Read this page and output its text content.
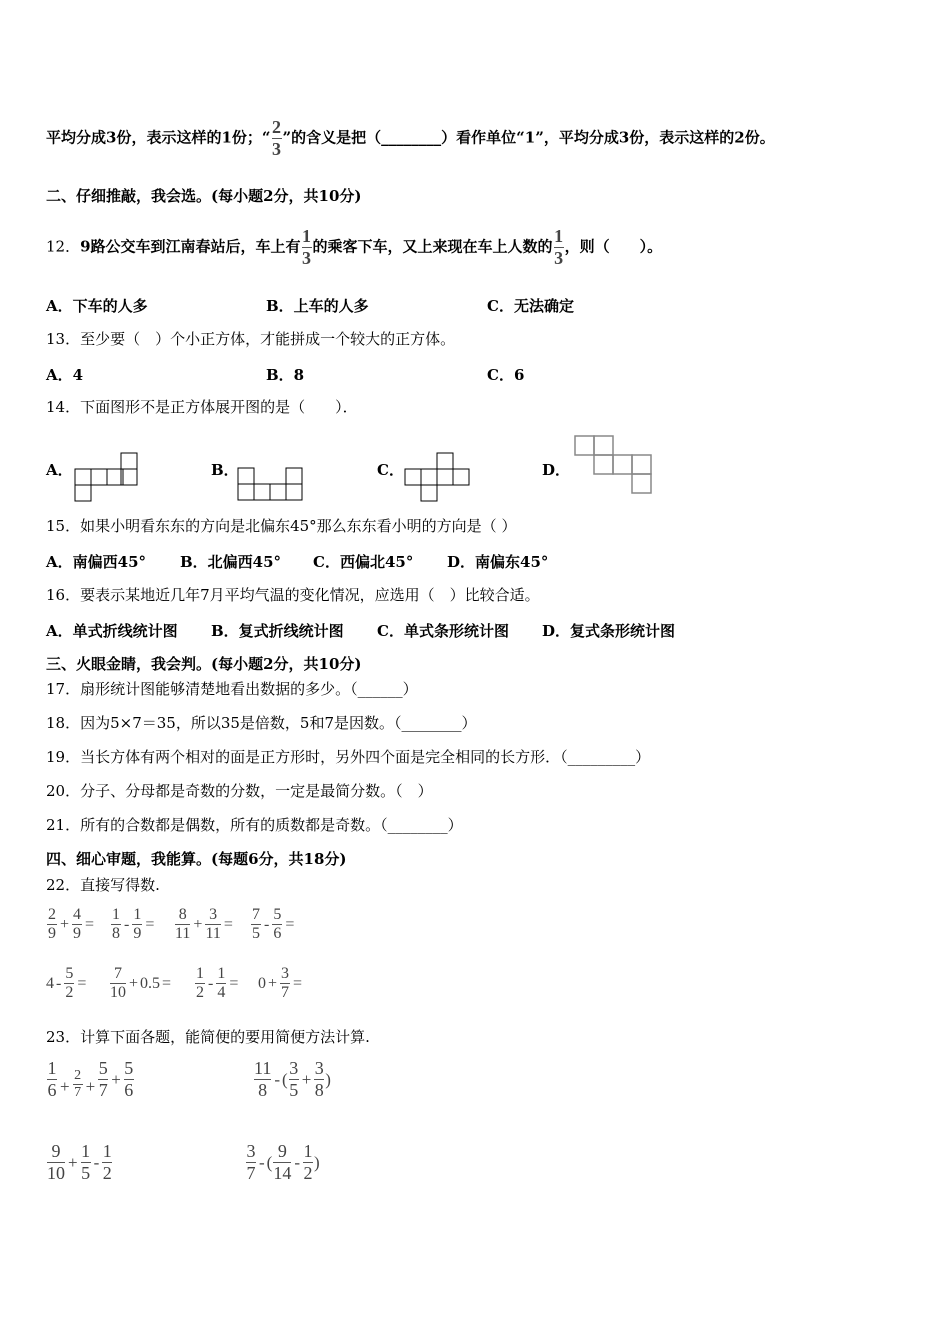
平均分成3份，表示这样的1份；“ $\frac{2}{3}$ ”的含义是把（________）看作单位“1”，平均分成3份，表示这样的2份。
二、仔细推敲，我会选。(每小题2分，共10分)
12．9路公交车到江南春站后，车上有 $\frac{1}{3}$ 的乘客下车，又上来现在车上人数的 $\frac{1}{3}$ ，则（　　）。
A．下车的人多	B．上车的人多	C．无法确定
13．至少要（　）个小正方体，才能拼成一个较大的正方体。
A．4	B．8	C．6
14．下面图形不是正方体展开图的是（　　）．
A．	B．	C．	D．
15．如果小明看东东的方向是北偏东45°那么东东看小明的方向是（ ）
A．南偏西45° B．北偏西45° C．西偏北45° D．南偏东45°
16．要表示某地近几年7月平均气温的变化情况，应选用（　）比较合适。
A．单式折线统计图 B．复式折线统计图 C．单式条形统计图 D．复式条形统计图
三、火眼金睛，我会判。(每小题2分，共10分)
17．扇形统计图能够清楚地看出数据的多少。（______）
18．因为5×7＝35，所以35是倍数，5和7是因数。（________）
19．当长方体有两个相对的面是正方形时，另外四个面是完全相同的长方形．（_________）
20．分子、分母都是奇数的分数，一定是最简分数。（　）
21．所有的合数都是偶数，所有的质数都是奇数。（________）
四、细心审题，我能算。(每题6分，共18分)
22．直接写得数.
$\frac{2}{9} + \frac{4}{9} = \frac{1}{8} - \frac{1}{9} = \frac{8}{11} + \frac{3}{11} = \frac{7}{5} - \frac{5}{6}$ =
$4 - \frac{5}{2} = \frac{7}{10} + 0.5 = \frac{1}{2} - \frac{1}{4} = 0 + \frac{3}{7}$ =
23．计算下面各题，能简便的要用简便方法计算.
$\frac{1}{6} + \frac{2}{7} + \frac{5}{7} + \frac{5}{6}$	$\frac{11}{8}$ - ( $\frac{3}{5} + \frac{3}{8}$ )
$\frac{9}{10} + \frac{1}{5} - \frac{1}{2}$	$\frac{3}{7}$ - ( $\frac{9}{14} - \frac{1}{2}$ )
